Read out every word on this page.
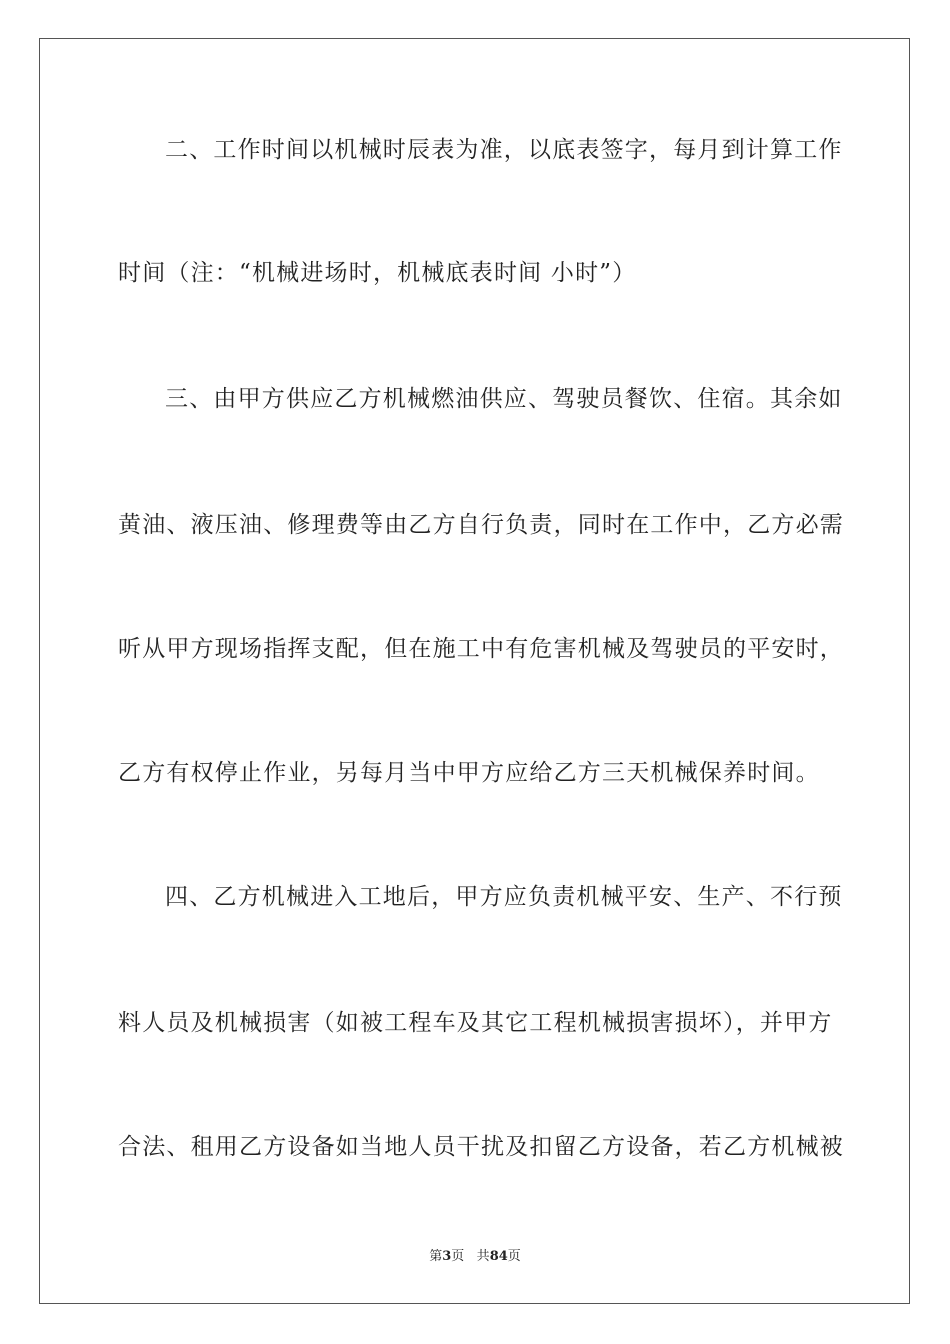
二、工作时间以机械时辰表为准，以底表签字，每月到计算工作
时间（注：“机械进场时，机械底表时间 小时”）
三、由甲方供应乙方机械燃油供应、驾驶员餐饮、住宿。其余如
黄油、液压油、修理费等由乙方自行负责，同时在工作中，乙方必需
听从甲方现场指挥支配，但在施工中有危害机械及驾驶员的平安时，
乙方有权停止作业，另每月当中甲方应给乙方三天机械保养时间。
四、乙方机械进入工地后，甲方应负责机械平安、生产、不行预
料人员及机械损害（如被工程车及其它工程机械损害损坏），并甲方
合法、租用乙方设备如当地人员干扰及扣留乙方设备，若乙方机械被
第3页 共84页
